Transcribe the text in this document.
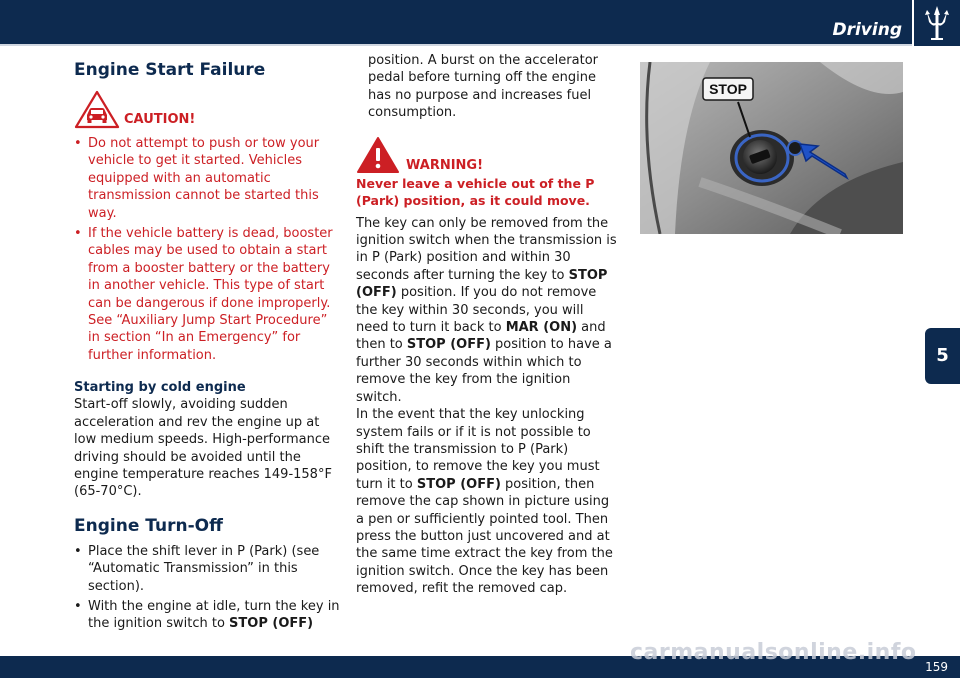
Driving
5
Engine Start Failure
CAUTION!
• Do not attempt to push or tow your vehicle to get it started. Vehicles equipped with an automatic transmission cannot be started this way.
• If the vehicle battery is dead, booster cables may be used to obtain a start from a booster battery or the battery in another vehicle. This type of start can be dangerous if done improperly. See “Auxiliary Jump Start Procedure” in section “In an Emergency” for further information.
Starting by cold engine

Start-off slowly, avoiding sudden acceleration and rev the engine up at low medium speeds. High-performance driving should be avoided until the engine temperature reaches 149-158°F (65-70°C).

Engine Turn-Off
• Place the shift lever in P (Park) (see “Automatic Transmission” in this section).
• With the engine at idle, turn the key in the ignition switch to STOP (OFF)

position. A burst on the accelerator pedal before turning off the engine has no purpose and increases fuel consumption.

WARNING!

Never leave a vehicle out of the P (Park) position, as it could move.

The key can only be removed from the ignition switch when the transmission is in P (Park) position and within 30 seconds after turning the key to STOP (OFF) position. If you do not remove the key within 30 seconds, you will need to turn it back to MAR (ON) and then to STOP (OFF) position to have a further 30 seconds within which to remove the key from the ignition switch.

In the event that the key unlocking system fails or if it is not possible to shift the transmission to P (Park) position, to remove the key you must turn it to STOP (OFF) position, then remove the cap shown in picture using a pen or sufficiently pointed tool. Then press the button just uncovered and at the same time extract the key from the ignition switch. Once the key has been removed, refit the removed cap.

STOP
carmanualsonline.info
159
